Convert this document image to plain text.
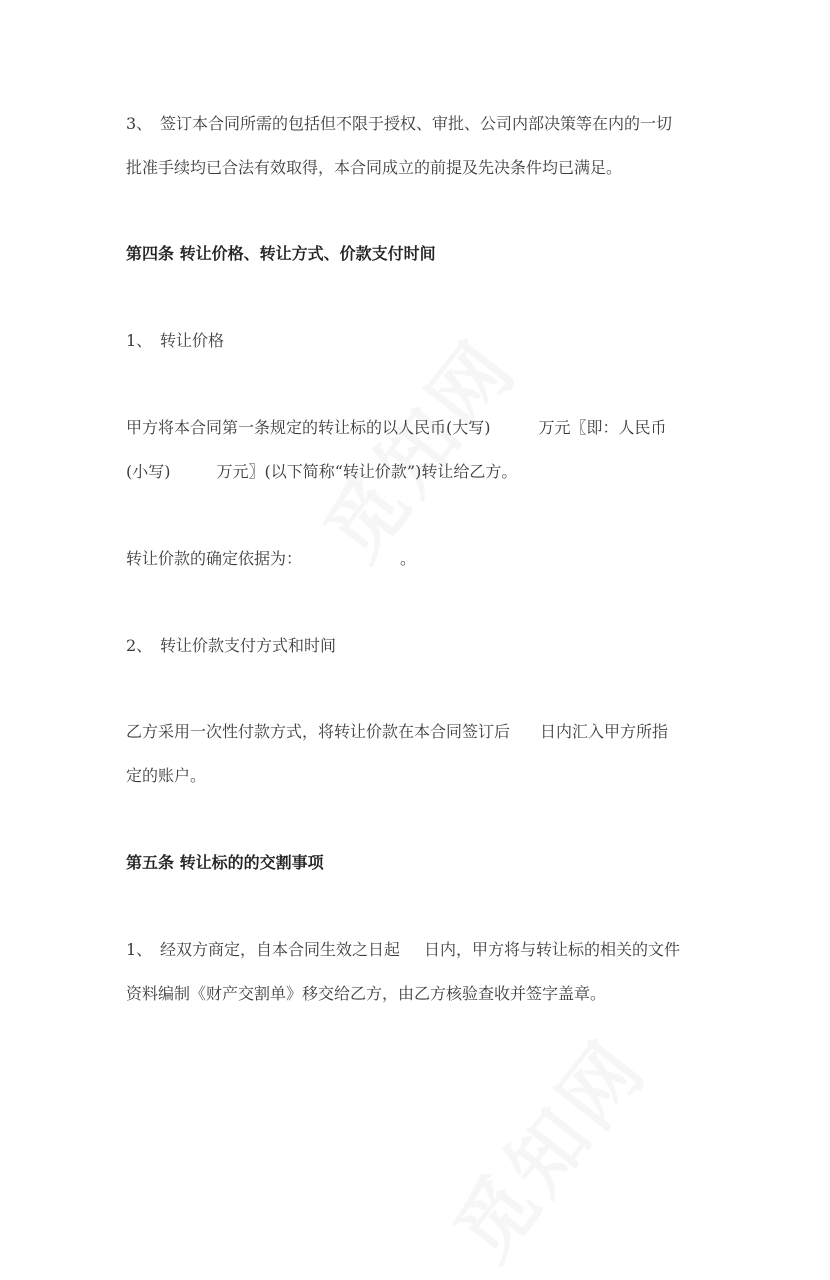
3、 签订本合同所需的包括但不限于授权、审批、公司内部决策等在内的一切
批准手续均已合法有效取得，本合同成立的前提及先决条件均已满足。
第四条 转让价格、转让方式、价款支付时间
1、 转让价格
甲方将本合同第一条规定的转让标的以人民币(大写)	万元〖即：人民币
(小写)	万元〗(以下简称“转让价款”)转让给乙方。
转让价款的确定依据为：	。
2、 转让价款支付方式和时间
乙方采用一次性付款方式，将转让价款在本合同签订后 日内汇入甲方所指
定的账户。
第五条 转让标的的交割事项
1、 经双方商定，自本合同生效之日起 日内，甲方将与转让标的相关的文件
资料编制《财产交割单》移交给乙方，由乙方核验查收并签字盖章。
